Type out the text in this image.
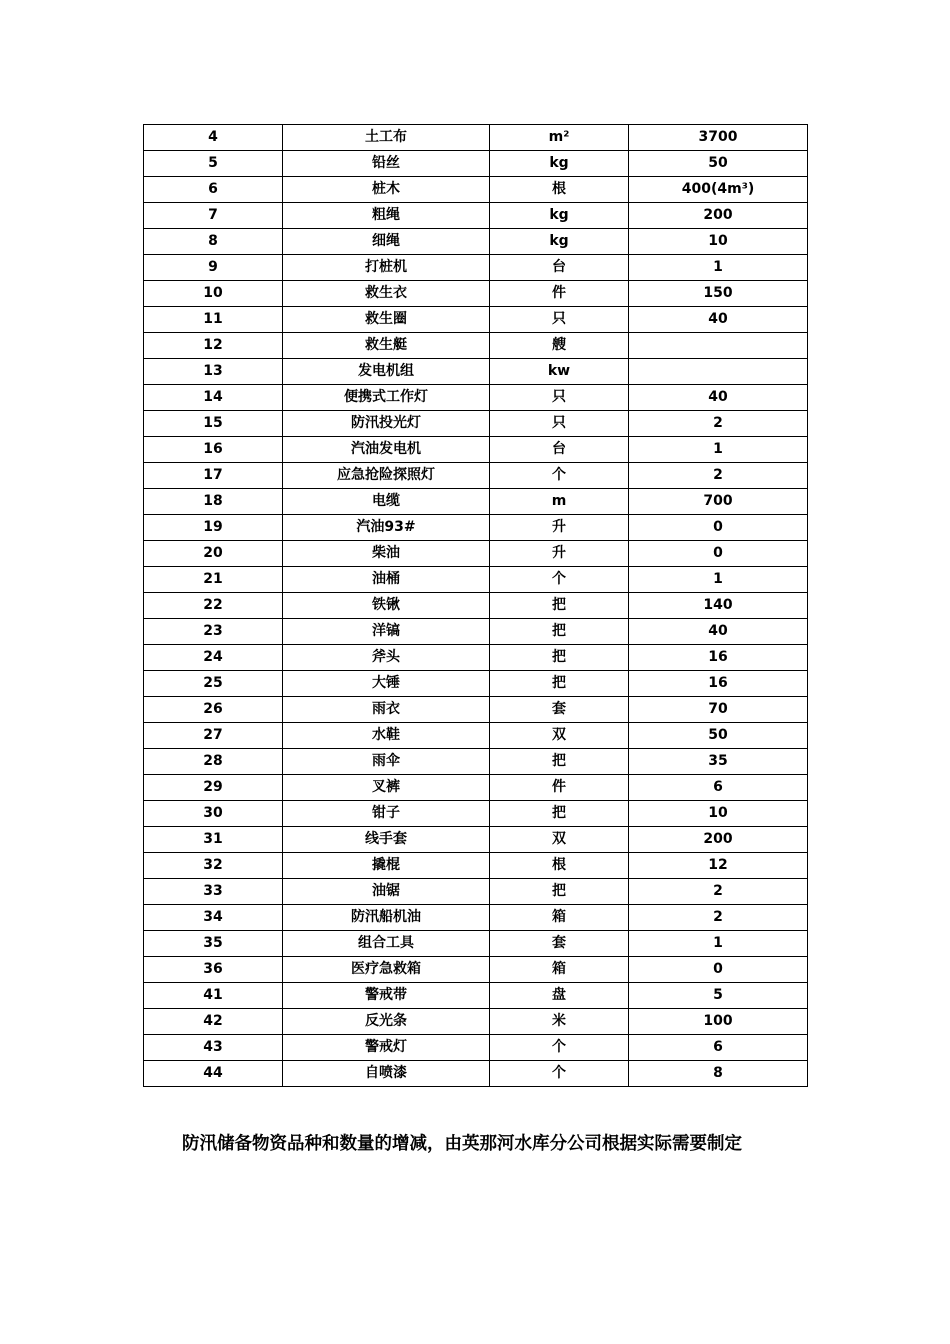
4	土工布	m²	3700
5	铅丝	kg	50
6	桩木	根	400(4m³)
7	粗绳	kg	200
8	细绳	kg	10
9	打桩机	台	1
10	救生衣	件	150
11	救生圈	只	40
12	救生艇	艘	
13	发电机组	kw	
14	便携式工作灯	只	40
15	防汛投光灯	只	2
16	汽油发电机	台	1
17	应急抢险探照灯	个	2
18	电缆	m	700
19	汽油93#	升	0
20	柴油	升	0
21	油桶	个	1
22	铁锹	把	140
23	洋镐	把	40
24	斧头	把	16
25	大锤	把	16
26	雨衣	套	70
27	水鞋	双	50
28	雨伞	把	35
29	叉裤	件	6
30	钳子	把	10
31	线手套	双	200
32	撬棍	根	12
33	油锯	把	2
34	防汛船机油	箱	2
35	组合工具	套	1
36	医疗急救箱	箱	0
41	警戒带	盘	5
42	反光条	米	100
43	警戒灯	个	6
44	自喷漆	个	8
防汛储备物资品种和数量的增减，由英那河水库分公司根据实际需要制定
